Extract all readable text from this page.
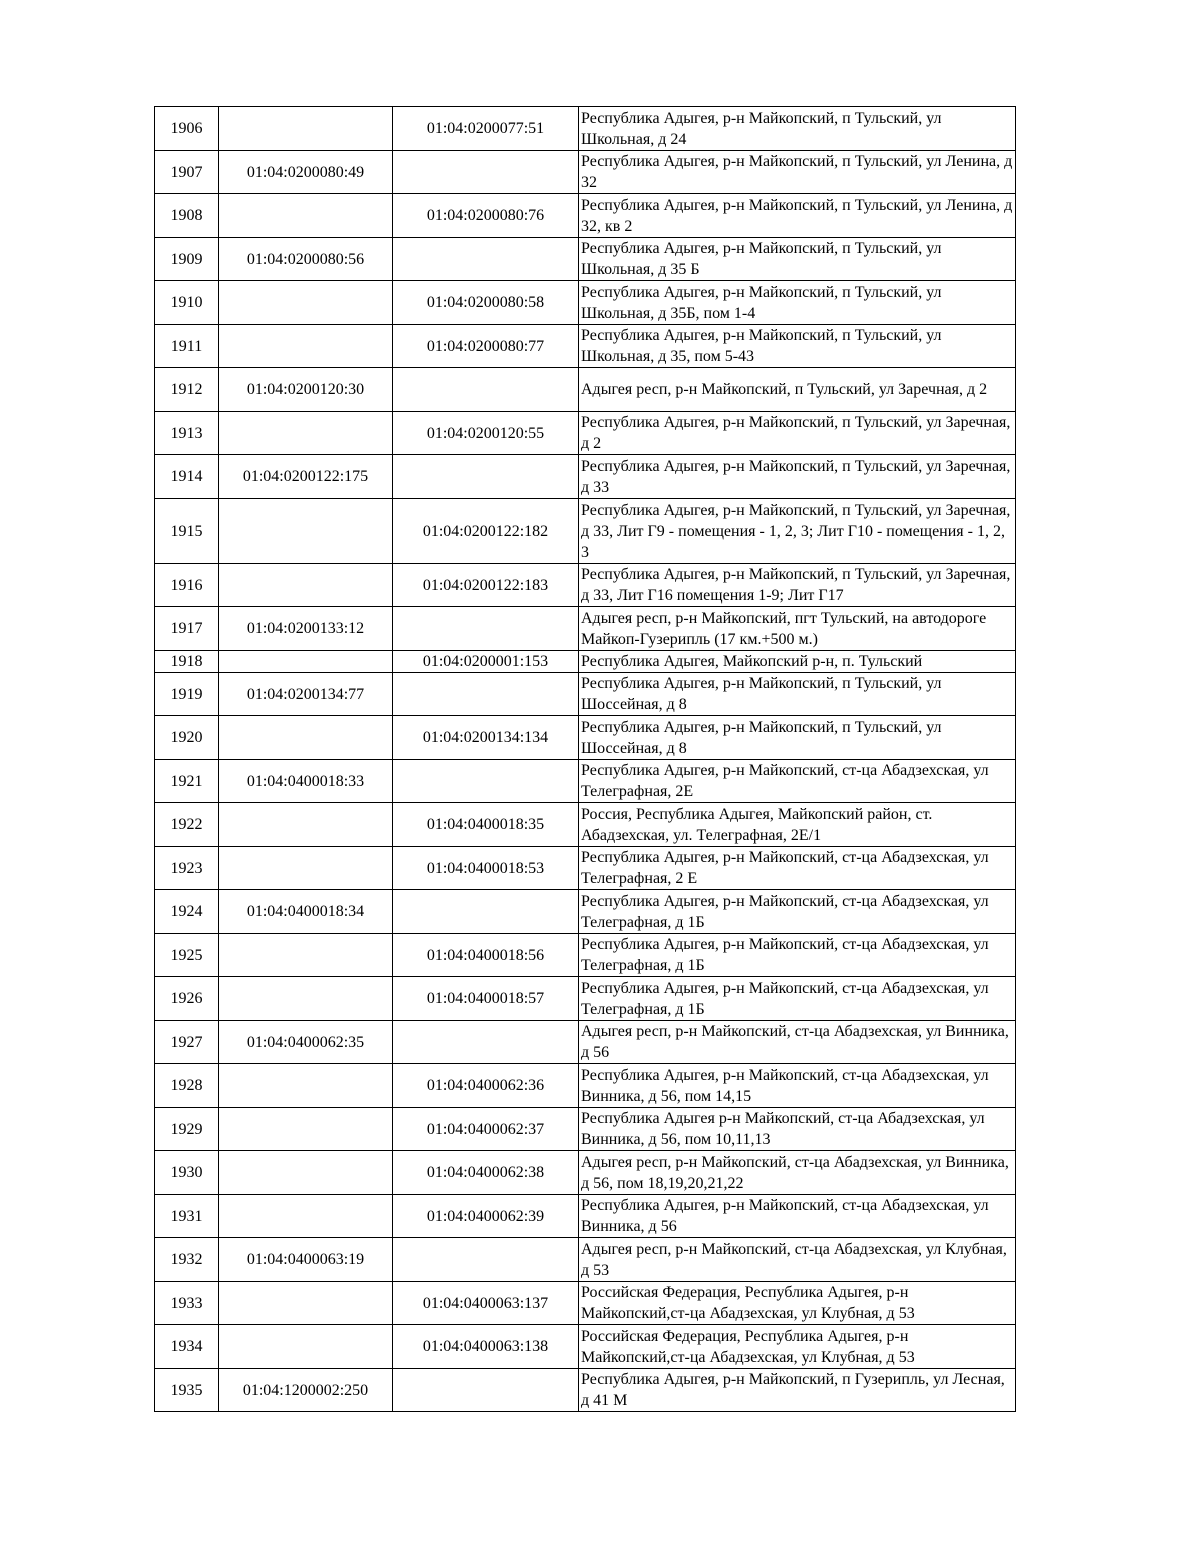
1906		01:04:0200077:51	Республика Адыгея, р-н Майкопский, п Тульский, ул Школьная, д 24
1907	01:04:0200080:49		Республика Адыгея, р-н Майкопский, п Тульский, ул Ленина, д 32
1908		01:04:0200080:76	Республика Адыгея, р-н Майкопский, п Тульский, ул Ленина, д 32, кв 2
1909	01:04:0200080:56		Республика Адыгея, р-н Майкопский, п Тульский, ул Школьная, д 35 Б
1910		01:04:0200080:58	Республика Адыгея, р-н Майкопский, п Тульский, ул Школьная, д 35Б, пом 1-4
1911		01:04:0200080:77	Республика Адыгея, р-н Майкопский, п Тульский, ул Школьная, д 35, пом 5-43
1912	01:04:0200120:30		Адыгея респ, р-н Майкопский, п Тульский, ул Заречная, д 2
1913		01:04:0200120:55	Республика Адыгея, р-н Майкопский, п Тульский, ул Заречная, д 2
1914	01:04:0200122:175		Республика Адыгея, р-н Майкопский, п Тульский, ул Заречная, д 33
1915		01:04:0200122:182	Республика Адыгея, р-н Майкопский, п Тульский, ул Заречная, д 33, Лит Г9 - помещения - 1, 2, 3; Лит Г10 - помещения - 1, 2, 3
1916		01:04:0200122:183	Республика Адыгея, р-н Майкопский, п Тульский, ул Заречная, д 33, Лит Г16 помещения 1-9; Лит Г17
1917	01:04:0200133:12		Адыгея респ, р-н Майкопский, пгт Тульский, на автодороге Майкоп-Гузерипль (17 км.+500 м.)
1918		01:04:0200001:153	Республика Адыгея, Майкопский р-н, п. Тульский
1919	01:04:0200134:77		Республика Адыгея, р-н Майкопский, п Тульский, ул Шоссейная, д 8
1920		01:04:0200134:134	Республика Адыгея, р-н Майкопский, п Тульский, ул Шоссейная, д 8
1921	01:04:0400018:33		Республика Адыгея, р-н Майкопский, ст-ца Абадзехская, ул Телеграфная, 2Е
1922		01:04:0400018:35	Россия, Республика Адыгея, Майкопский район, ст. Абадзехская, ул. Телеграфная, 2Е/1
1923		01:04:0400018:53	Республика Адыгея, р-н Майкопский, ст-ца Абадзехская, ул Телеграфная, 2 Е
1924	01:04:0400018:34		Республика Адыгея, р-н Майкопский, ст-ца Абадзехская, ул Телеграфная, д 1Б
1925		01:04:0400018:56	Республика Адыгея, р-н Майкопский, ст-ца Абадзехская, ул Телеграфная, д 1Б
1926		01:04:0400018:57	Республика Адыгея, р-н Майкопский, ст-ца Абадзехская, ул Телеграфная, д 1Б
1927	01:04:0400062:35		Адыгея респ, р-н Майкопский, ст-ца Абадзехская, ул Винника, д 56
1928		01:04:0400062:36	Республика Адыгея, р-н Майкопский, ст-ца Абадзехская, ул Винника, д 56, пом 14,15
1929		01:04:0400062:37	Республика Адыгея р-н Майкопский, ст-ца Абадзехская, ул Винника, д 56, пом 10,11,13
1930		01:04:0400062:38	Адыгея респ, р-н Майкопский, ст-ца Абадзехская, ул Винника, д 56, пом 18,19,20,21,22
1931		01:04:0400062:39	Республика Адыгея, р-н Майкопский, ст-ца Абадзехская, ул Винника, д 56
1932	01:04:0400063:19		Адыгея респ, р-н Майкопский, ст-ца Абадзехская, ул Клубная, д 53
1933		01:04:0400063:137	Российская Федерация, Республика Адыгея, р-н Майкопский,ст-ца Абадзехская, ул Клубная, д 53
1934		01:04:0400063:138	Российская Федерация, Республика Адыгея, р-н Майкопский,ст-ца Абадзехская, ул Клубная, д 53
1935	01:04:1200002:250		Республика Адыгея, р-н Майкопский, п Гузерипль, ул Лесная, д 41 М
